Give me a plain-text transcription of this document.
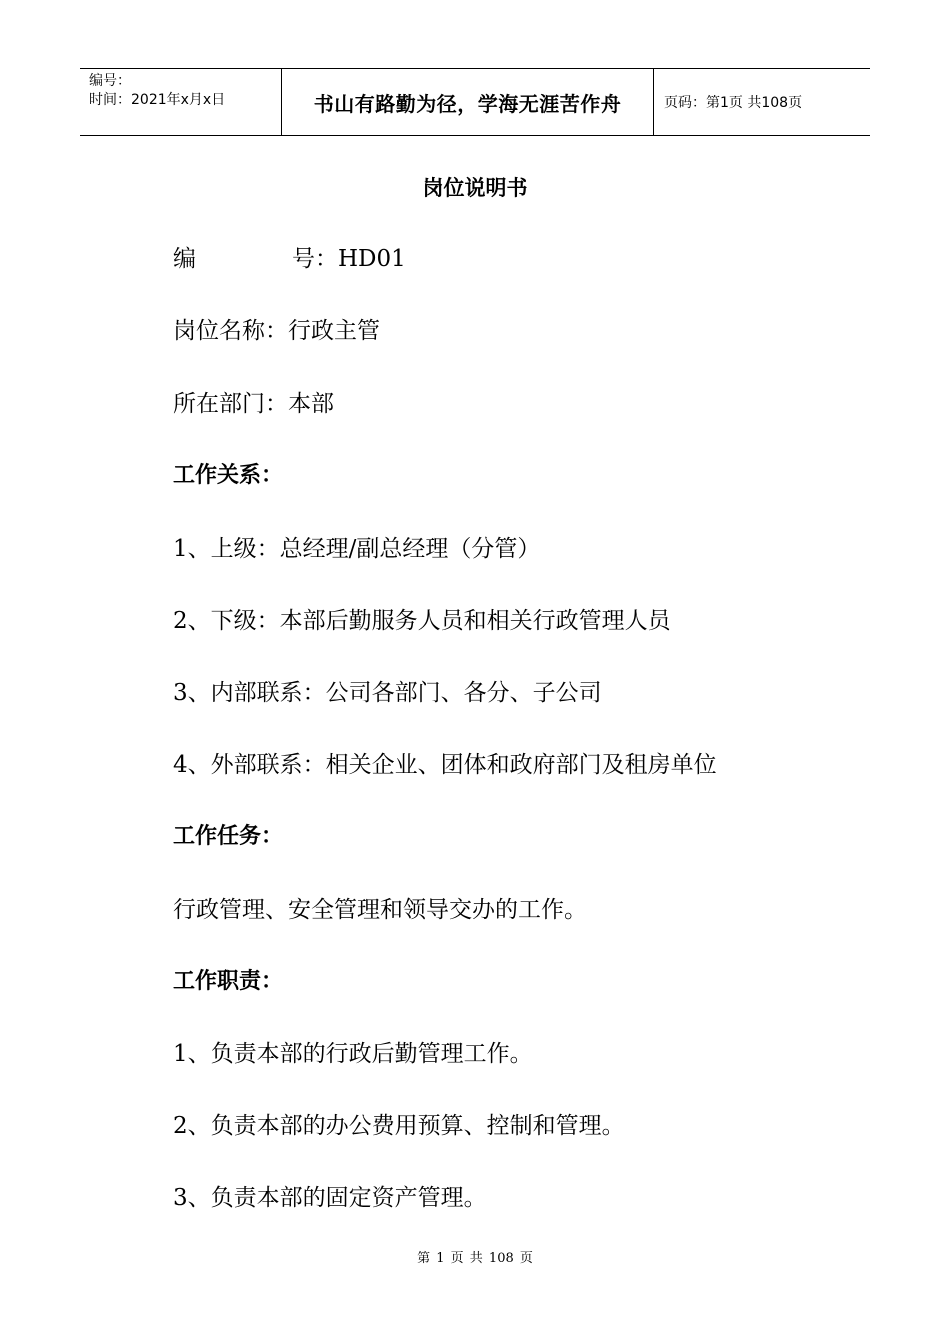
编号：
时间：2021年x月x日	书山有路勤为径，学海无涯苦作舟	页码：第1页 共108页
岗位说明书
编	号：HD01
岗位名称：行政主管
所在部门：本部
工作关系：
1、上级：总经理/副总经理（分管）
2、下级：本部后勤服务人员和相关行政管理人员
3、内部联系：公司各部门、各分、子公司
4、外部联系：相关企业、团体和政府部门及租房单位
工作任务：
行政管理、安全管理和领导交办的工作。
工作职责：
1、负责本部的行政后勤管理工作。
2、负责本部的办公费用预算、控制和管理。
3、负责本部的固定资产管理。
第 1 页 共 108 页
